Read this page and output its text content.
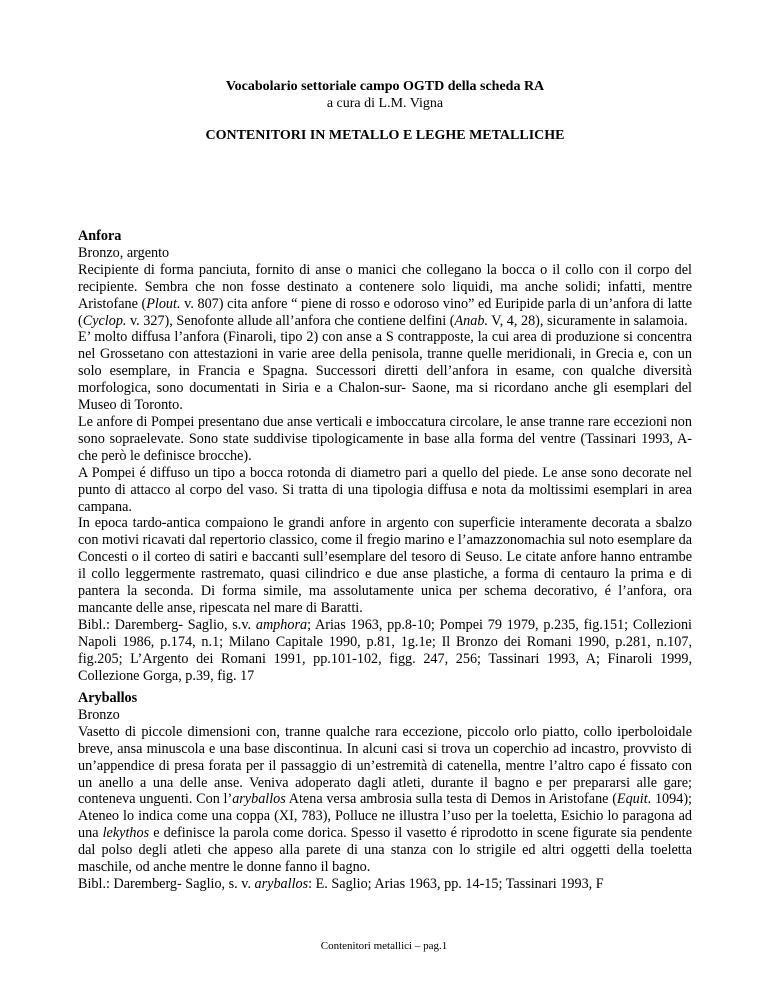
Vocabolario settoriale campo OGTD della scheda RA
a cura di L.M. Vigna
CONTENITORI IN METALLO E LEGHE METALLICHE

Anfora

Bronzo, argento

Recipiente di forma panciuta, fornito di anse o manici che collegano la bocca o il collo con il corpo del recipiente. Sembra che non fosse destinato a contenere solo liquidi, ma anche solidi; infatti, mentre Aristofane (Plout. v. 807) cita anfore “ piene di rosso e odoroso vino” ed Euripide parla di un’anfora di latte (Cyclop. v. 327), Senofonte allude all’anfora che contiene delfini (Anab. V, 4, 28), sicuramente in salamoia.

E’ molto diffusa l’anfora (Finaroli, tipo 2) con anse a S contrapposte, la cui area di produzione si concentra nel Grossetano con attestazioni in varie aree della penisola, tranne quelle meridionali, in Grecia e, con un solo esemplare, in Francia e Spagna. Successori diretti dell’anfora in esame, con qualche diversità morfologica, sono documentati in Siria e a Chalon-sur- Saone, ma si ricordano anche gli esemplari del Museo di Toronto.

Le anfore di Pompei presentano due anse verticali e imboccatura circolare, le anse tranne rare eccezioni non sono sopraelevate. Sono state suddivise tipologicamente in base alla forma del ventre (Tassinari 1993, A- che però le definisce brocche).

A Pompei é diffuso un tipo a bocca rotonda di diametro pari a quello del piede. Le anse sono decorate nel punto di attacco al corpo del vaso. Si tratta di una tipologia diffusa e nota da moltissimi esemplari in area campana.

In epoca tardo-antica compaiono le grandi anfore in argento con superficie interamente decorata a sbalzo con motivi ricavati dal repertorio classico, come il fregio marino e l’amazzonomachia sul noto esemplare da Concesti o il corteo di satiri e baccanti sull’esemplare del tesoro di Seuso. Le citate anfore hanno entrambe il collo leggermente rastremato, quasi cilindrico e due anse plastiche, a forma di centauro la prima e di pantera la seconda. Di forma simile, ma assolutamente unica per schema decorativo, é l’anfora, ora mancante delle anse, ripescata nel mare di Baratti.

Bibl.: Daremberg- Saglio, s.v. amphora; Arias 1963, pp.8-10; Pompei 79 1979, p.235, fig.151; Collezioni Napoli 1986, p.174, n.1; Milano Capitale 1990, p.81, 1g.1e; Il Bronzo dei Romani 1990, p.281, n.107, fig.205; L’Argento dei Romani 1991, pp.101-102, figg. 247, 256; Tassinari 1993, A; Finaroli 1999, Collezione Gorga, p.39, fig. 17

Aryballos

Bronzo

Vasetto di piccole dimensioni con, tranne qualche rara eccezione, piccolo orlo piatto, collo iperboloidale breve, ansa minuscola e una base discontinua. In alcuni casi si trova un coperchio ad incastro, provvisto di un’appendice di presa forata per il passaggio di un’estremità di catenella, mentre l’altro capo é fissato con un anello a una delle anse. Veniva adoperato dagli atleti, durante il bagno e per prepararsi alle gare; conteneva unguenti. Con l’aryballos Atena versa ambrosia sulla testa di Demos in Aristofane (Equit. 1094); Ateneo lo indica come una coppa (XI, 783), Polluce ne illustra l’uso per la toeletta, Esichio lo paragona ad una lekythos e definisce la parola come dorica. Spesso il vasetto é riprodotto in scene figurate sia pendente dal polso degli atleti che appeso alla parete di una stanza con lo strigile ed altri oggetti della toeletta maschile, od anche mentre le donne fanno il bagno.

Bibl.: Daremberg- Saglio, s. v. aryballos: E. Saglio; Arias 1963, pp. 14-15; Tassinari 1993, F

Contenitori metallici – pag.1
